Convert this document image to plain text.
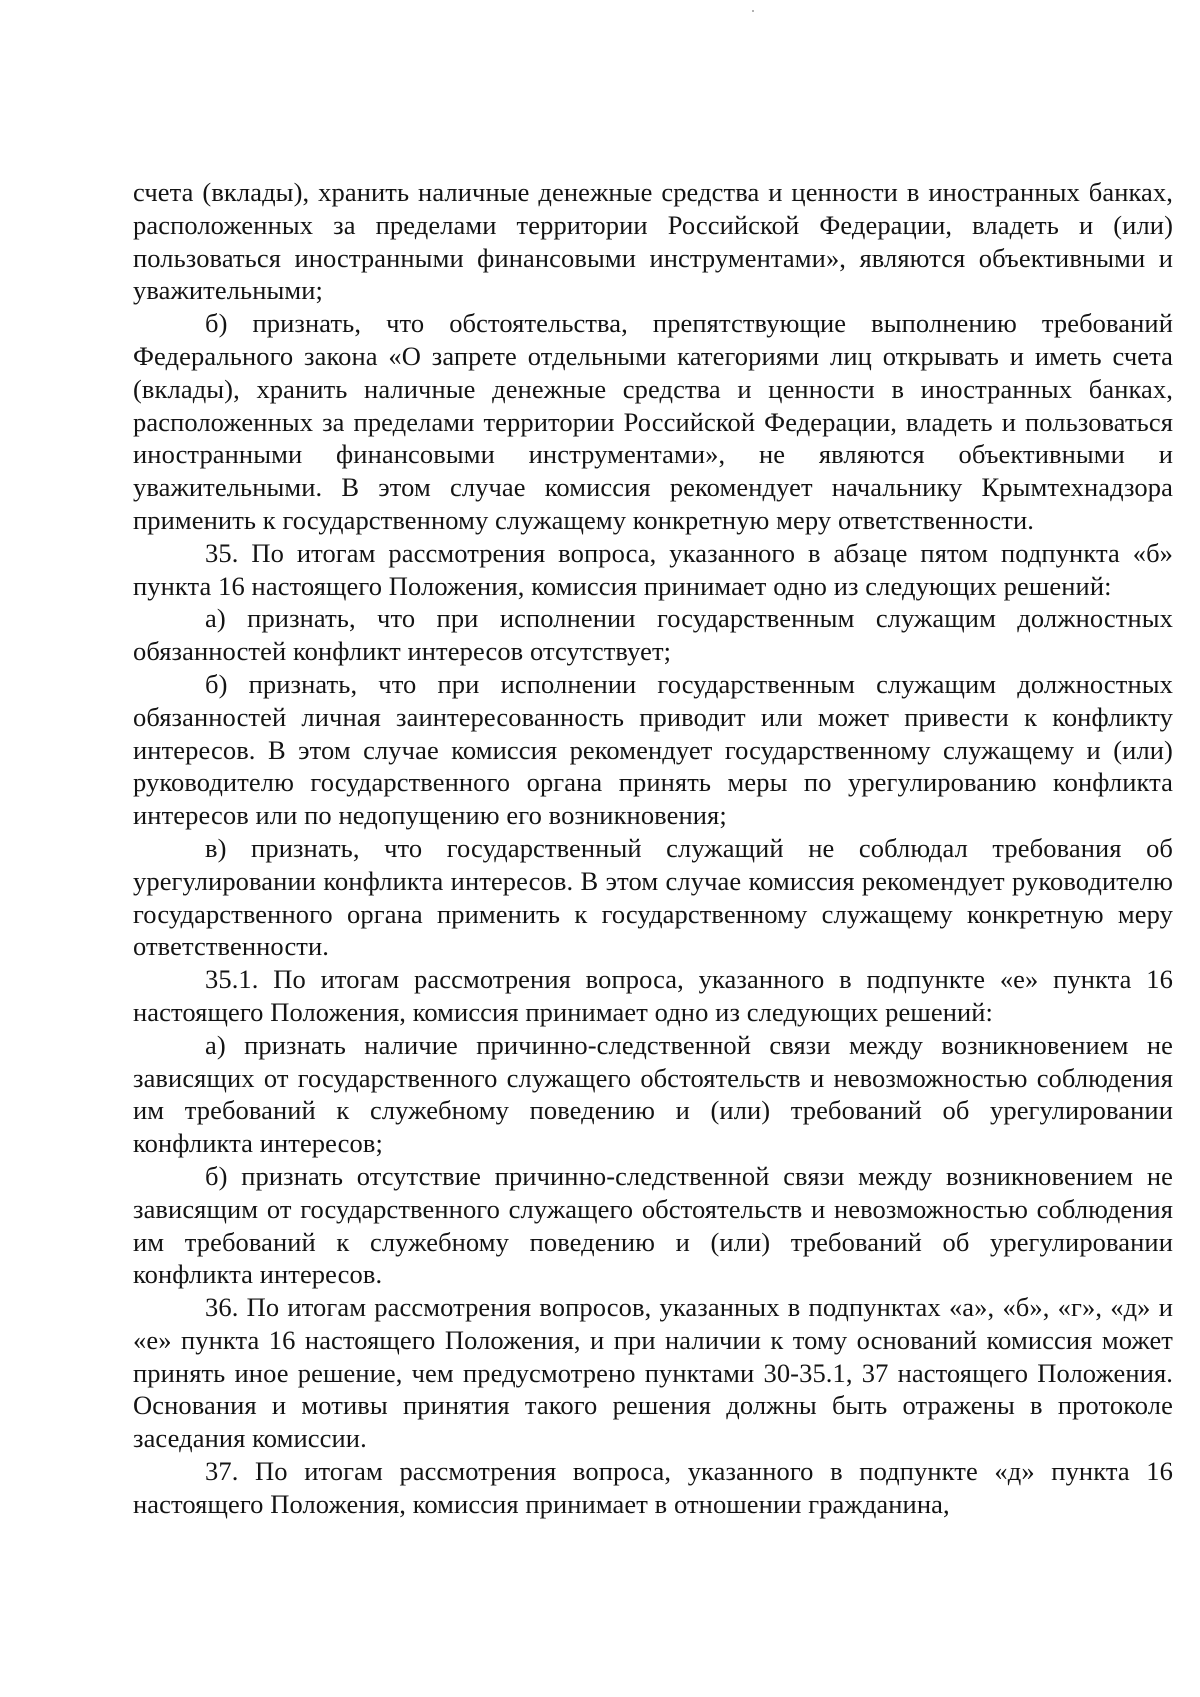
счета (вклады), хранить наличные денежные средства и ценности в иностранных банках, расположенных за пределами территории Российской Федерации, владеть и (или) пользоваться иностранными финансовыми инструментами», являются объективными и уважительными;

б) признать, что обстоятельства, препятствующие выполнению требований Федерального закона «О запрете отдельными категориями лиц открывать и иметь счета (вклады), хранить наличные денежные средства и ценности в иностранных банках, расположенных за пределами территории Российской Федерации, владеть и пользоваться иностранными финансовыми инструментами», не являются объективными и уважительными. В этом случае комиссия рекомендует начальнику Крымтехнадзора применить к государственному служащему конкретную меру ответственности.

35. По итогам рассмотрения вопроса, указанного в абзаце пятом подпункта «б» пункта 16 настоящего Положения, комиссия принимает одно из следующих решений:

а) признать, что при исполнении государственным служащим должностных обязанностей конфликт интересов отсутствует;

б) признать, что при исполнении государственным служащим должностных обязанностей личная заинтересованность приводит или может привести к конфликту интересов. В этом случае комиссия рекомендует государственному служащему и (или) руководителю государственного органа принять меры по урегулированию конфликта интересов или по недопущению его возникновения;

в) признать, что государственный служащий не соблюдал требования об урегулировании конфликта интересов. В этом случае комиссия рекомендует руководителю государственного органа применить к государственному служащему конкретную меру ответственности.

35.1. По итогам рассмотрения вопроса, указанного в подпункте «е» пункта 16 настоящего Положения, комиссия принимает одно из следующих решений:

а) признать наличие причинно-следственной связи между возникновением не зависящих от государственного служащего обстоятельств и невозможностью соблюдения им требований к служебному поведению и (или) требований об урегулировании конфликта интересов;

б) признать отсутствие причинно-следственной связи между возникновением не зависящим от государственного служащего обстоятельств и невозможностью соблюдения им требований к служебному поведению и (или) требований об урегулировании конфликта интересов.

36. По итогам рассмотрения вопросов, указанных в подпунктах «а», «б», «г», «д» и «е» пункта 16 настоящего Положения, и при наличии к тому оснований комиссия может принять иное решение, чем предусмотрено пунктами 30-35.1, 37 настоящего Положения. Основания и мотивы принятия такого решения должны быть отражены в протоколе заседания комиссии.

37. По итогам рассмотрения вопроса, указанного в подпункте «д» пункта 16 настоящего Положения, комиссия принимает в отношении гражданина,
